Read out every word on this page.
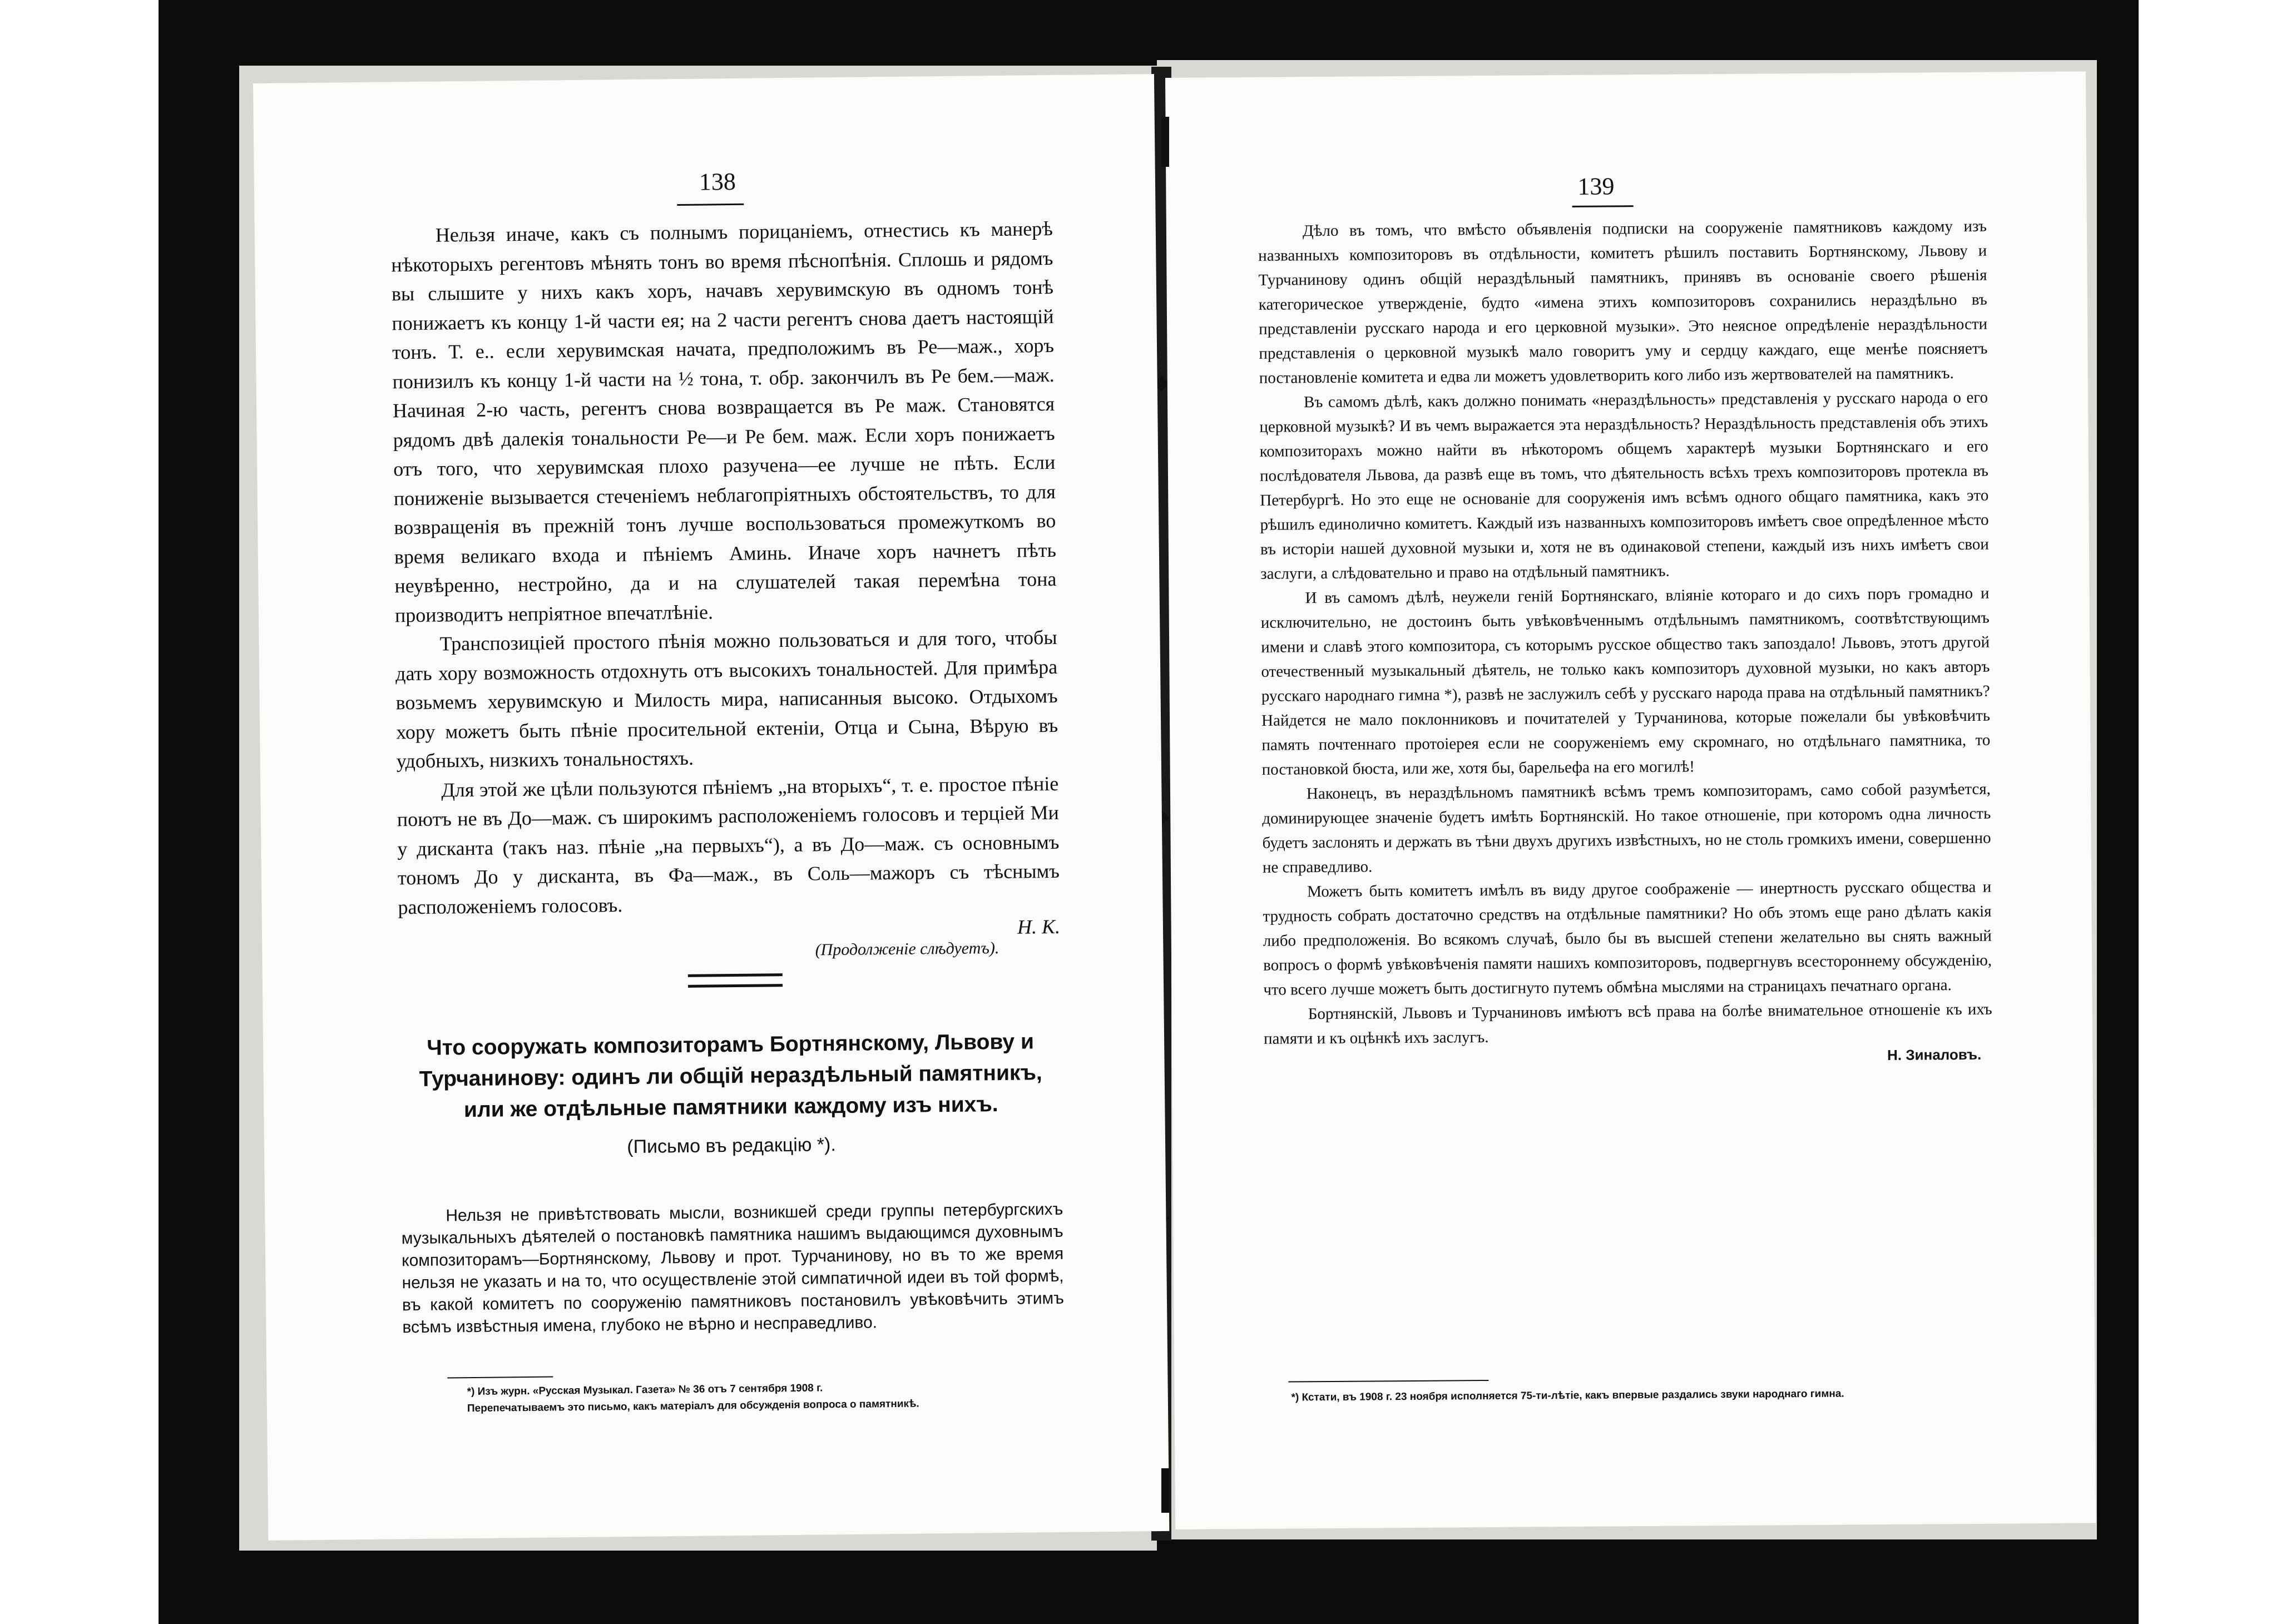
138

Нельзя иначе, какъ съ полнымъ порицаніемъ, отнестись къ манерѣ нѣкоторыхъ регентовъ мѣнять тонъ во время пѣснопѣнія. Сплошь и рядомъ вы слышите у нихъ какъ хоръ, начавъ херувимскую въ одномъ тонѣ понижаетъ къ концу 1-й части ея; на 2 части регентъ снова даетъ настоящій тонъ. Т. е.. если херувимская начата, предположимъ въ Ре—маж., хоръ понизилъ къ концу 1-й части на ½ тона, т. обр. закончилъ въ Ре бем.—маж. Начиная 2-ю часть, регентъ снова возвращается въ Ре маж. Становятся рядомъ двѣ далекія тональности Ре—и Ре бем. маж. Если хоръ понижаетъ отъ того, что херувимская плохо разучена—ее лучше не пѣть. Если пониженіе вызывается стеченіемъ неблагопріятныхъ обстоятельствъ, то для возвращенія въ прежній тонъ лучше воспользоваться промежуткомъ во время великаго входа и пѣніемъ Аминь. Иначе хоръ начнетъ пѣть неувѣренно, нестройно, да и на слушателей такая перемѣна тона производитъ непріятное впечатлѣніе.

Транспозиціей простого пѣнія можно пользоваться и для того, чтобы дать хору возможность отдохнуть отъ высокихъ тональностей. Для примѣра возьмемъ херувимскую и Милость мира, написанныя высоко. Отдыхомъ хору можетъ быть пѣніе просительной ектеніи, Отца и Сына, Вѣрую въ удобныхъ, низкихъ тональностяхъ.

Для этой же цѣли пользуются пѣніемъ „на вторыхъ“, т. е. простое пѣніе поютъ не въ До—маж. съ широкимъ расположеніемъ голосовъ и терціей Ми у дисканта (такъ наз. пѣніе „на первыхъ“), а въ До—маж. съ основнымъ тономъ До у дисканта, въ Фа—маж., въ Соль—мажоръ съ тѣснымъ расположеніемъ голосовъ.

Н. К.
(Продолженіе слѣдуетъ).
Что сооружать композиторамъ Бортнянскому, Львову и Турчанинову: одинъ ли общій нераздѣльный памятникъ, или же отдѣльные памятники каждому изъ нихъ.
(Письмо въ редакцію *).

Нельзя не привѣтствовать мысли, возникшей среди группы петербургскихъ музыкальныхъ дѣятелей о постановкѣ памятника нашимъ выдающимся духовнымъ композиторамъ—Бортнянскому, Львову и прот. Турчанинову, но въ то же время нельзя не указать и на то, что осуществленіе этой симпатичной идеи въ той формѣ, въ какой комитетъ по сооруженію памятниковъ постановилъ увѣковѣчить этимъ всѣмъ извѣстныя имена, глубоко не вѣрно и несправедливо.

*) Изъ журн. «Русская Музыкал. Газета» № 36 отъ 7 сентября 1908 г.
Перепечатываемъ это письмо, какъ матеріалъ для обсужденія вопроса о памятникѣ.
139

Дѣло въ томъ, что вмѣсто объявленія подписки на сооруженіе памятниковъ каждому изъ названныхъ композиторовъ въ отдѣльности, комитетъ рѣшилъ поставить Бортнянскому, Львову и Турчанинову одинъ общій нераздѣльный памятникъ, принявъ въ основаніе своего рѣшенія категорическое утвержденіе, будто «имена этихъ композиторовъ сохранились нераздѣльно въ представленіи русскаго народа и его церковной музыки». Это неясное опредѣленіе нераздѣльности представленія о церковной музыкѣ мало говоритъ уму и сердцу каждаго, еще менѣе поясняетъ постановленіе комитета и едва ли можетъ удовлетворить кого либо изъ жертвователей на памятникъ.

Въ самомъ дѣлѣ, какъ должно понимать «нераздѣльность» представленія у русскаго народа о его церковной музыкѣ? И въ чемъ выражается эта нераздѣльность? Нераздѣльность представленія объ этихъ композиторахъ можно найти въ нѣкоторомъ общемъ характерѣ музыки Бортнянскаго и его послѣдователя Львова, да развѣ еще въ томъ, что дѣятельность всѣхъ трехъ композиторовъ протекла въ Петербургѣ. Но это еще не основаніе для сооруженія имъ всѣмъ одного общаго памятника, какъ это рѣшилъ единолично комитетъ. Каждый изъ названныхъ композиторовъ имѣетъ свое опредѣленное мѣсто въ исторіи нашей духовной музыки и, хотя не въ одинаковой степени, каждый изъ нихъ имѣетъ свои заслуги, а слѣдовательно и право на отдѣльный памятникъ.

И въ самомъ дѣлѣ, неужели геній Бортнянскаго, вліяніе котораго и до сихъ поръ громадно и исключительно, не достоинъ быть увѣковѣченнымъ отдѣльнымъ памятникомъ, соотвѣтствующимъ имени и славѣ этого композитора, съ которымъ русское общество такъ запоздало! Львовъ, этотъ другой отечественный музыкальный дѣятель, не только какъ композиторъ духовной музыки, но какъ авторъ русскаго народнаго гимна *), развѣ не заслужилъ себѣ у русскаго народа права на отдѣльный памятникъ? Найдется не мало поклонниковъ и почитателей у Турчанинова, которые пожелали бы увѣковѣчить память почтеннаго протоіерея если не сооруженіемъ ему скромнаго, но отдѣльнаго памятника, то постановкой бюста, или же, хотя бы, барельефа на его могилѣ!

Наконецъ, въ нераздѣльномъ памятникѣ всѣмъ тремъ композиторамъ, само собой разумѣется, доминирующее значеніе будетъ имѣть Бортнянскій. Но такое отношеніе, при которомъ одна личность будетъ заслонять и держать въ тѣни двухъ другихъ извѣстныхъ, но не столь громкихъ имени, совершенно не справедливо.

Можетъ быть комитетъ имѣлъ въ виду другое соображеніе — инертность русскаго общества и трудность собрать достаточно средствъ на отдѣльные памятники? Но объ этомъ еще рано дѣлать какія либо предположенія. Во всякомъ случаѣ, было бы въ высшей степени желательно вы снять важный вопросъ о формѣ увѣковѣченія памяти нашихъ композиторовъ, подвергнувъ всестороннему обсужденію, что всего лучше можетъ быть достигнуто путемъ обмѣна мыслями на страницахъ печатнаго органа.

Бортнянскій, Львовъ и Турчаниновъ имѣютъ всѣ права на болѣе внимательное отношеніе къ ихъ памяти и къ оцѣнкѣ ихъ заслугъ.

Н. Зиналовъ.
*) Кстати, въ 1908 г. 23 ноября исполняется 75-ти-лѣтіе, какъ впервые раздались звуки народнаго гимна.
